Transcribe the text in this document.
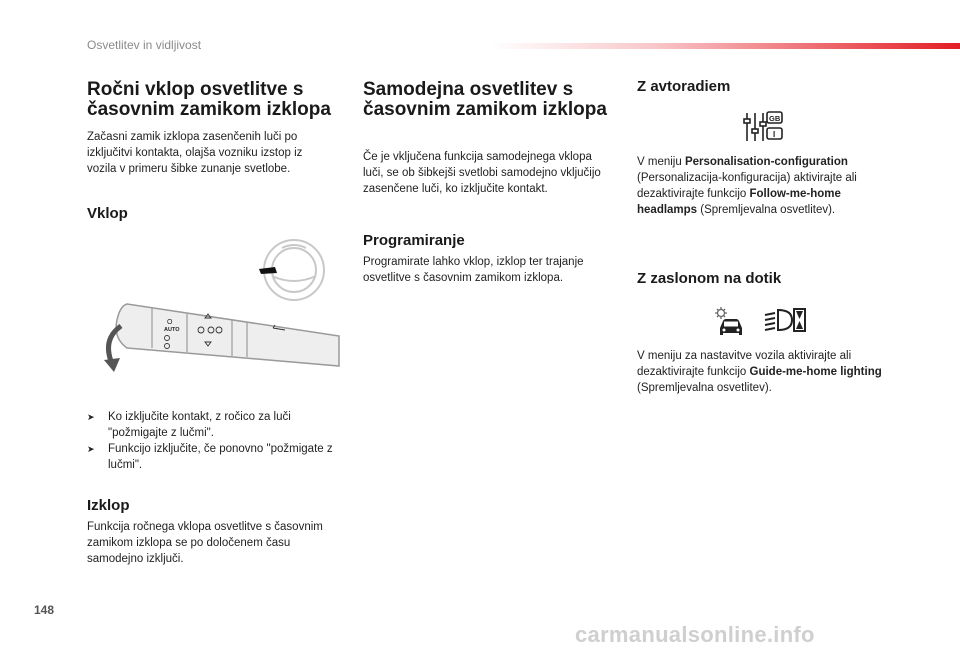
Osvetlitev in vidljivost
Ročni vklop osvetlitve s časovnim zamikom izklopa

Začasni zamik izklopa zasenčenih luči po izključitvi kontakta, olajša vozniku izstop iz vozila v primeru šibke zunanje svetlobe.

Vklop
O
AUTO
➤ Ko izključite kontakt, z ročico za luči "požmigajte z lučmi".
➤ Funkcijo izključite, če ponovno "požmigate z lučmi".
Izklop

Funkcija ročnega vklopa osvetlitve s časovnim zamikom izklopa se po določenem času samodejno izključi.

Samodejna osvetlitev s časovnim zamikom izklopa

Če je vključena funkcija samodejnega vklopa luči, se ob šibkejši svetlobi samodejno vključijo zasenčene luči, ko izključite kontakt.

Programiranje

Programirate lahko vklop, izklop ter trajanje osvetlitve s časovnim zamikom izklopa.

Z avtoradiem
GB
I

V meniju Personalisation-configuration (Personalizacija-konfiguracija) aktivirajte ali dezaktivirajte funkcijo Follow-me-home headlamps (Spremljevalna osvetlitev).

Z zaslonom na dotik

V meniju za nastavitve vozila aktivirajte ali dezaktivirajte funkcijo Guide-me-home lighting (Spremljevalna osvetlitev).

148
carmanualsonline.info
